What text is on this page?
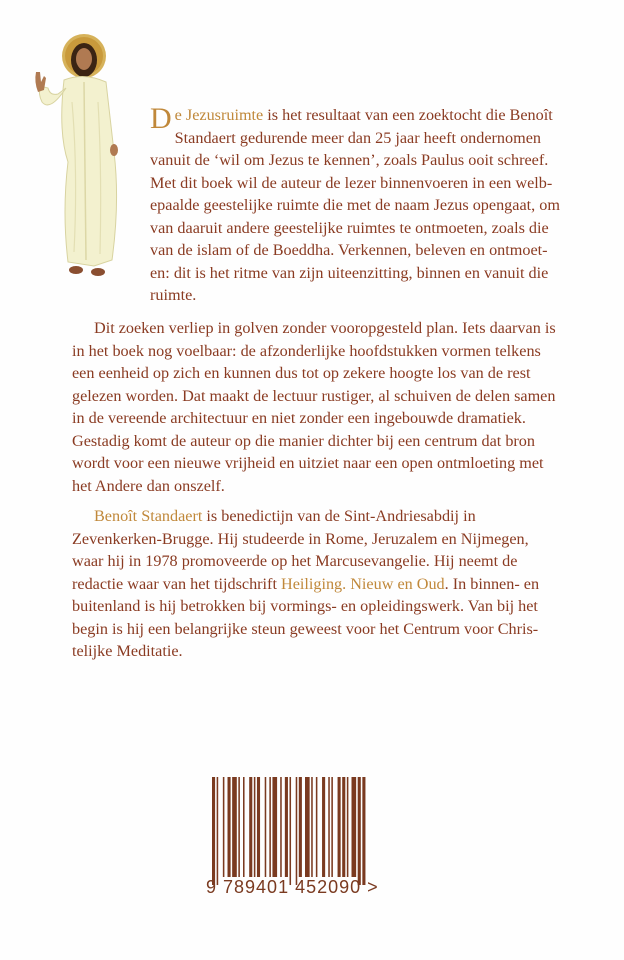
De Jezusruimte is het resultaat van een zoektocht die Benoît
Standaert gedurende meer dan 25 jaar heeft ondernomen
vanuit de ‘wil om Jezus te kennen’, zoals Paulus ooit schreef.
Met dit boek wil de auteur de lezer binnenvoeren in een welb-
epaalde geestelijke ruimte die met de naam Jezus opengaat, om
van daaruit andere geestelijke ruimtes te ontmoeten, zoals die
van de islam of de Boeddha. Verkennen, beleven en ontmoet-
en: dit is het ritme van zijn uiteenzitting, binnen en vanuit die
ruimte.

Dit zoeken verliep in golven zonder vooropgesteld plan. Iets daarvan is
in het boek nog voelbaar: de afzonderlijke hoofdstukken vormen telkens
een eenheid op zich en kunnen dus tot op zekere hoogte los van de rest
gelezen worden. Dat maakt de lectuur rustiger, al schuiven de delen samen
in de vereende architectuur en niet zonder een ingebouwde dramatiek.
Gestadig komt de auteur op die manier dichter bij een centrum dat bron
wordt voor een nieuwe vrijheid en uitziet naar een open ontmloeting met
het Andere dan onszelf.

Benoît Standaert is benedictijn van de Sint-Andriesabdij in
Zevenkerken-Brugge. Hij studeerde in Rome, Jeruzalem en Nijmegen,
waar hij in 1978 promoveerde op het Marcusevangelie. Hij neemt de
redactie waar van het tijdschrift Heiliging. Nieuw en Oud. In binnen- en
buitenland is hij betrokken bij vormings- en opleidingswerk. Van bij het
begin is hij een belangrijke steun geweest voor het Centrum voor Chris-
telijke Meditatie.

9 789401 452090 >
